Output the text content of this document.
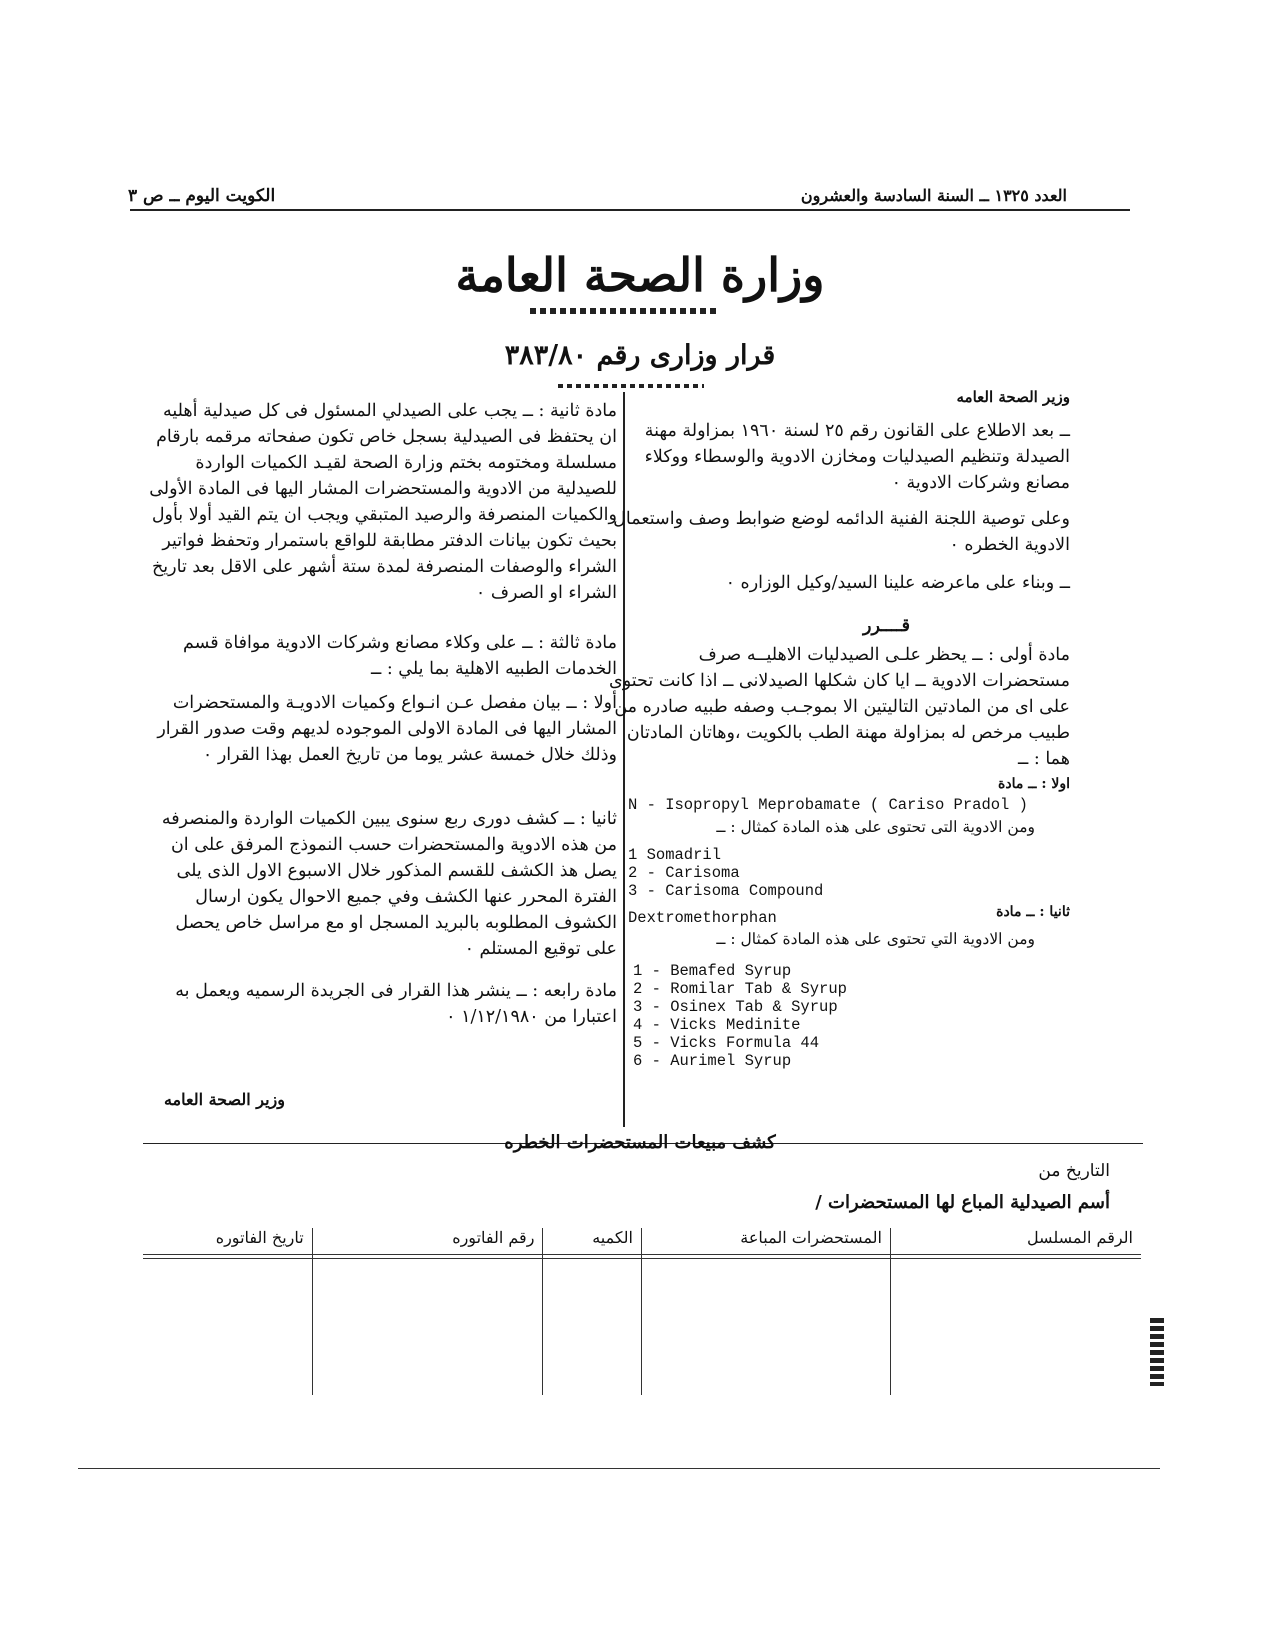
العدد ١٣٢٥ ــ السنة السادسة والعشرون
الكويت اليوم ــ ص ٣
وزارة الصحة العامة
قرار وزارى رقم ٣٨٣/٨٠
وزير الصحة العامه
ــ بعد الاطلاع على القانون رقم ٢٥ لسنة ١٩٦٠ بمزاولة مهنة الصيدلة وتنظيم الصيدليات ومخازن الادوية والوسطاء ووكلاء مصانع وشركات الادوية ٠
وعلى توصية اللجنة الفنية الدائمه لوضع ضوابط وصف واستعمال الادوية الخطره ٠
ــ وبناء على ماعرضه علينا السيد/وكيل الوزاره ٠
قــــرر
مادة أولى : ــ يحظر علـى الصيدليات الاهليــه صرف مستحضرات الادوية ــ ايا كان شكلها الصيدلانى ــ اذا كانت تحتوى على اى من المادتين التاليتين الا بموجـب وصفه طبيه صادره من طبيب مرخص له بمزاولة مهنة الطب بالكويت ،وهاتان المادتان هما : ــ
اولا : ــ مادة
N - Isopropyl Meprobamate ( Cariso Pradol )
ومن الادوية التى تحتوى على هذه المادة كمثال : ــ
1 Somadril
2 - Carisoma
3 - Carisoma Compound
Dextromethorphan	ثانيا : ــ مادة
ومن الادوية التي تحتوى على هذه المادة كمثال : ــ
1 - Bemafed Syrup
2 - Romilar Tab & Syrup
3 - Osinex Tab & Syrup
4 - Vicks Medinite
5 - Vicks Formula 44
6 - Aurimel Syrup
مادة ثانية : ــ يجب على الصيدلي المسئول فى كل صيدلية أهليه ان يحتفظ فى الصيدلية بسجل خاص تكون صفحاته مرقمه بارقام مسلسلة ومختومه بختم وزارة الصحة لقيـد الكميات الواردة للصيدلية من الادوية والمستحضرات المشار اليها فى المادة الأولى والكميات المنصرفة والرصيد المتبقي ويجب ان يتم القيد أولا بأول بحيث تكون بيانات الدفتر مطابقة للواقع باستمرار وتحفظ فواتير الشراء والوصفات المنصرفة لمدة ستة أشهر على الاقل بعد تاريخ الشراء او الصرف ٠
مادة ثالثة : ــ على وكلاء مصانع وشركات الادوية موافاة قسم الخدمات الطبيه الاهلية بما يلي : ــ
أولا : ــ بيان مفصل عـن انـواع وكميات الادويـة والمستحضرات المشار اليها فى المادة الاولى الموجوده لديهم وقت صدور القرار وذلك خلال خمسة عشر يوما من تاريخ العمل بهذا القرار ٠
ثانيا : ــ كشف دورى ربع سنوى يبين الكميات الواردة والمنصرفه من هذه الادوية والمستحضرات حسب النموذج المرفق على ان يصل هذ الكشف للقسم المذكور خلال الاسبوع الاول الذى يلى الفترة المحرر عنها الكشف وفي جميع الاحوال يكون ارسال الكشوف المطلوبه بالبريد المسجل او مع مراسل خاص يحصل على توقيع المستلم ٠
مادة رابعه : ــ ينشر هذا القرار فى الجريدة الرسميه ويعمل به اعتبارا من ١/١٢/١٩٨٠ ٠
وزير الصحة العامه
كشف مبيعات المستحضرات الخطره
التاريخ من
أسم الصيدلية المباع لها المستحضرات /
الرقم المسلسل	المستحضرات المباعة	الكميه	رقم الفاتوره	تاريخ الفاتوره
